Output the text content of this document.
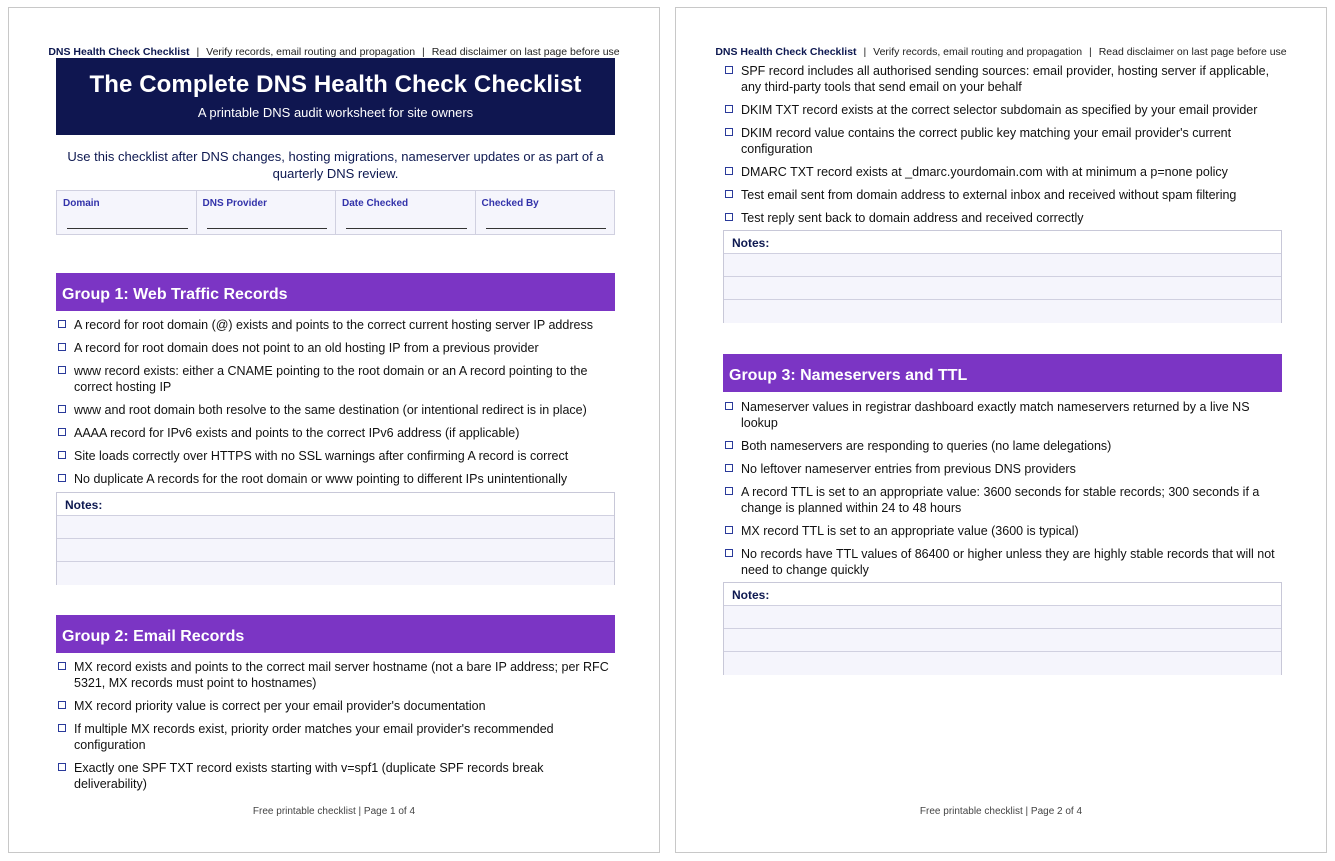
DNS Health Check Checklist | Verify records, email routing and propagation | Read disclaimer on last page before use
The Complete DNS Health Check Checklist
A printable DNS audit worksheet for site owners
Use this checklist after DNS changes, hosting migrations, nameserver updates or as part of a quarterly DNS review.
Domain	DNS Provider	Date Checked	Checked By
Group 1: Web Traffic Records
A record for root domain (@) exists and points to the correct current hosting server IP address
A record for root domain does not point to an old hosting IP from a previous provider
www record exists: either a CNAME pointing to the root domain or an A record pointing to the correct hosting IP
www and root domain both resolve to the same destination (or intentional redirect is in place)
AAAA record for IPv6 exists and points to the correct IPv6 address (if applicable)
Site loads correctly over HTTPS with no SSL warnings after confirming A record is correct
No duplicate A records for the root domain or www pointing to different IPs unintentionally
Notes:
Group 2: Email Records
MX record exists and points to the correct mail server hostname (not a bare IP address; per RFC 5321, MX records must point to hostnames)
MX record priority value is correct per your email provider's documentation
If multiple MX records exist, priority order matches your email provider's recommended configuration
Exactly one SPF TXT record exists starting with v=spf1 (duplicate SPF records break deliverability)
Free printable checklist | Page 1 of 4
DNS Health Check Checklist | Verify records, email routing and propagation | Read disclaimer on last page before use
SPF record includes all authorised sending sources: email provider, hosting server if applicable, any third-party tools that send email on your behalf
DKIM TXT record exists at the correct selector subdomain as specified by your email provider
DKIM record value contains the correct public key matching your email provider's current configuration
DMARC TXT record exists at _dmarc.yourdomain.com with at minimum a p=none policy
Test email sent from domain address to external inbox and received without spam filtering
Test reply sent back to domain address and received correctly
Notes:
Group 3: Nameservers and TTL
Nameserver values in registrar dashboard exactly match nameservers returned by a live NS lookup
Both nameservers are responding to queries (no lame delegations)
No leftover nameserver entries from previous DNS providers
A record TTL is set to an appropriate value: 3600 seconds for stable records; 300 seconds if a change is planned within 24 to 48 hours
MX record TTL is set to an appropriate value (3600 is typical)
No records have TTL values of 86400 or higher unless they are highly stable records that will not need to change quickly
Notes:
Free printable checklist | Page 2 of 4
